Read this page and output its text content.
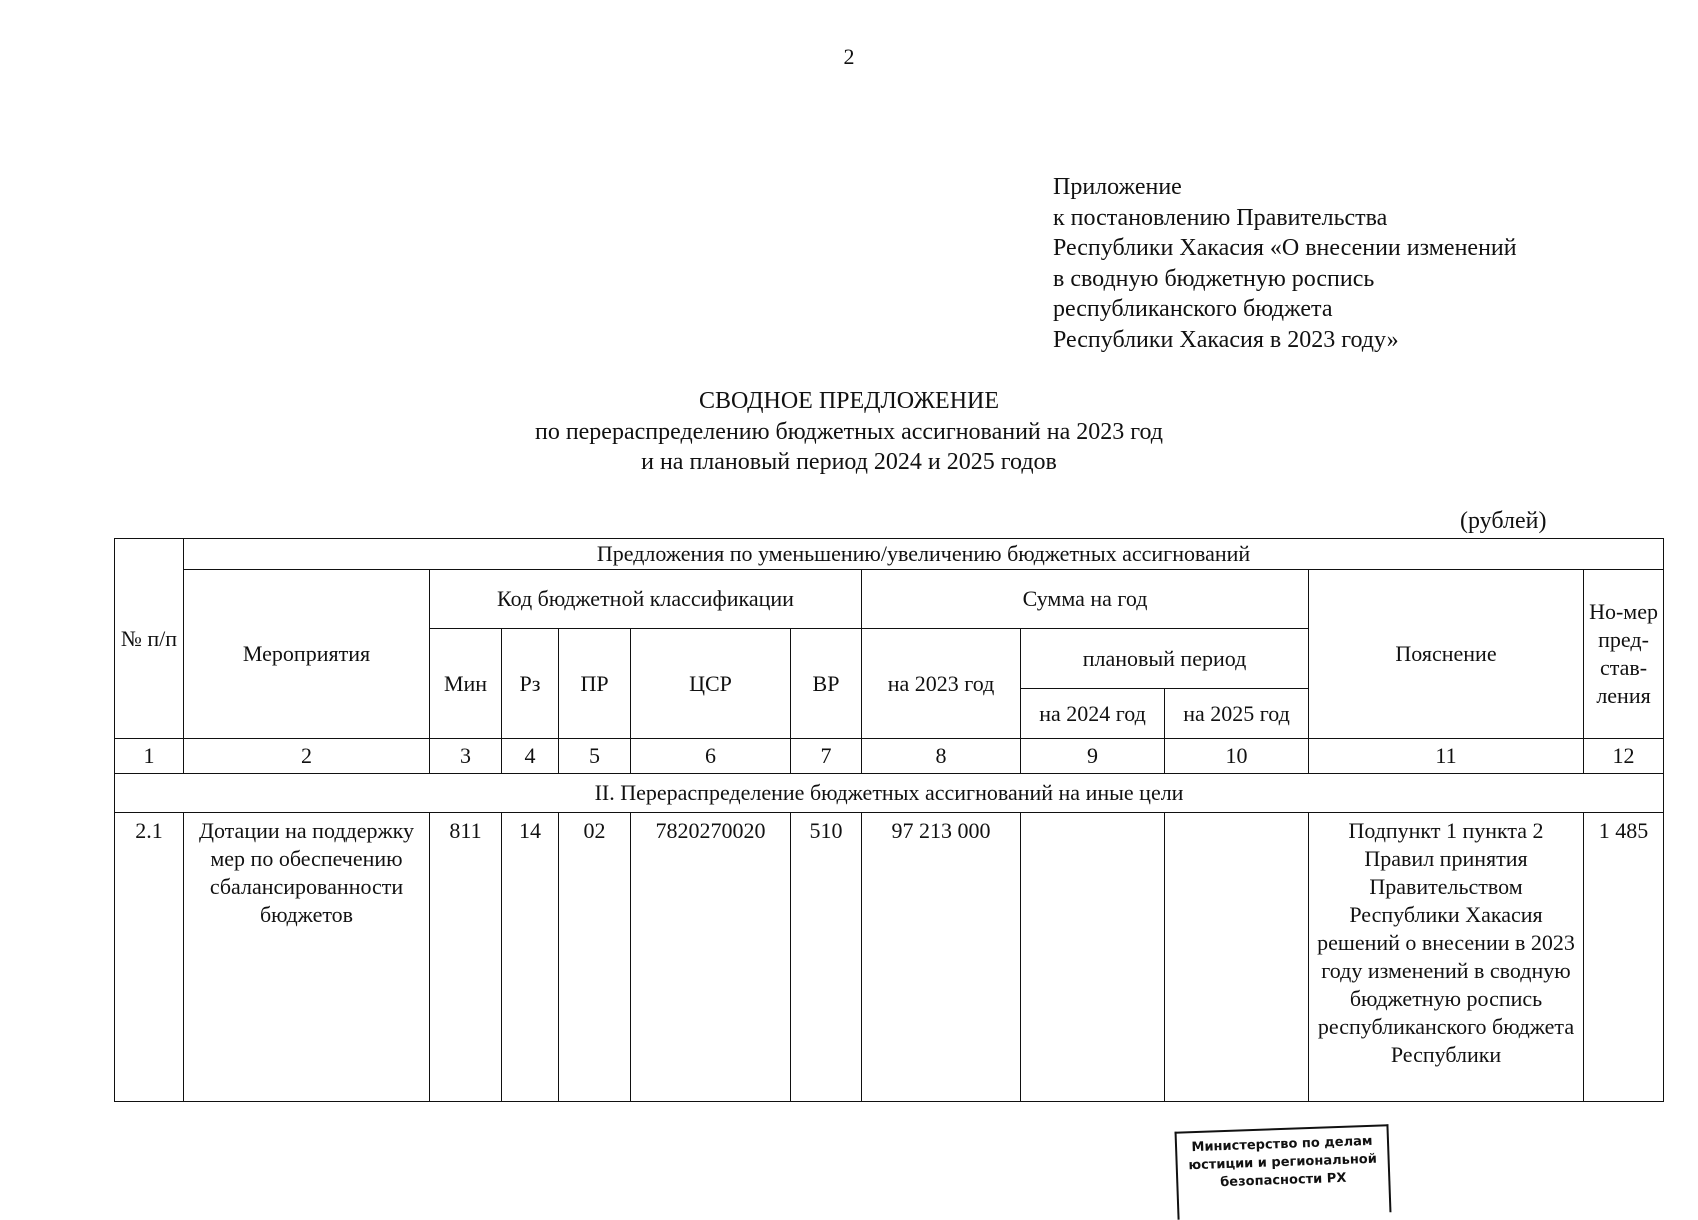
2
Приложение
к постановлению Правительства
Республики Хакасия «О внесении изменений
в сводную бюджетную роспись
республиканского бюджета
Республики Хакасия в 2023 году»
СВОДНОЕ ПРЕДЛОЖЕНИЕ
по перераспределению бюджетных ассигнований на 2023 год
и на плановый период 2024 и 2025 годов
(рублей)
№ п/п	Предложения по уменьшению/увеличению бюджетных ассигнований										
	Мероприятия	Код бюджетной классификации					Сумма на год			Пояснение	Но-мер пред-став-ления
		Мин	Рз	ПР	ЦСР	ВР	на 2023 год	плановый период			
								на 2024 год	на 2025 год		
1	2	3	4	5	6	7	8	9	10	11	12
II. Перераспределение бюджетных ассигнований на иные цели											
2.1	Дотации на поддержку мер по обеспечению сбалансированности бюджетов	811	14	02	7820270020	510	97 213 000			Подпункт 1 пункта 2 Правил принятия Правительством Республики Хакасия решений о внесении в 2023 году изменений в сводную бюджетную роспись республиканского бюджета Республики	1 485
Министерство по делам
юстиции и региональной
безопасности РХ
